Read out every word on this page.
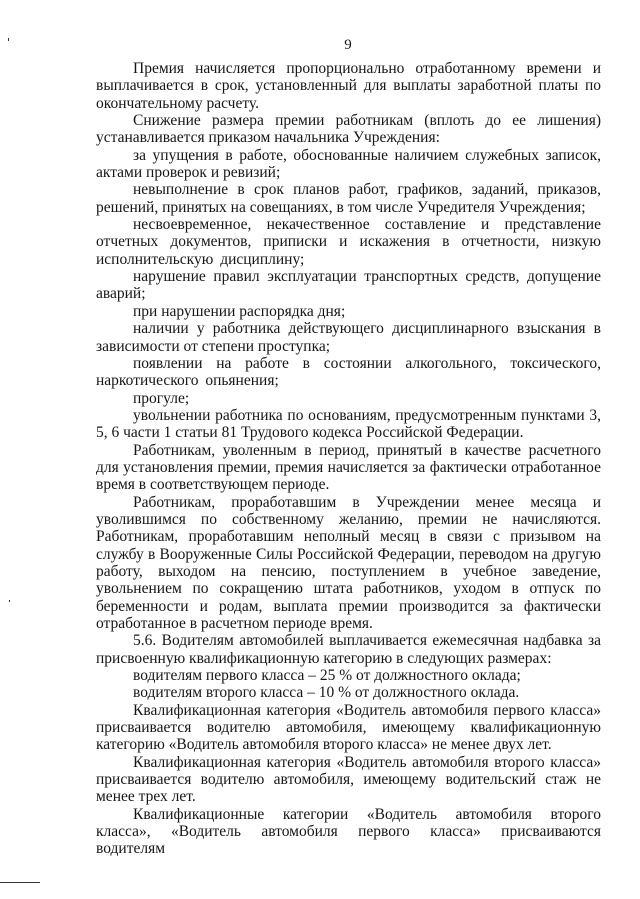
9

Премия начисляется пропорционально отработанному времени и выплачивается в срок, установленный для выплаты заработной платы по окончательному расчету.

Снижение размера премии работникам (вплоть до ее лишения) устанавливается приказом начальника Учреждения:

за упущения в работе, обоснованные наличием служебных записок, актами проверок и ревизий;

невыполнение в срок планов работ, графиков, заданий, приказов, решений, принятых на совещаниях, в том числе Учредителя Учреждения;

несвоевременное, некачественное составление и представление отчетных документов, приписки и искажения в отчетности, низкую исполнительскую дисциплину;

нарушение правил эксплуатации транспортных средств, допущение аварий;

при нарушении распорядка дня;

наличии у работника действующего дисциплинарного взыскания в зависимости от степени проступка;

появлении на работе в состоянии алкогольного, токсического, наркотического опьянения;

прогуле;

увольнении работника по основаниям, предусмотренным пунктами 3, 5, 6 части 1 статьи 81 Трудового кодекса Российской Федерации.

Работникам, уволенным в период, принятый в качестве расчетного для установления премии, премия начисляется за фактически отработанное время в соответствующем периоде.

Работникам, проработавшим в Учреждении менее месяца и уволившимся по собственному желанию, премии не начисляются. Работникам, проработавшим неполный месяц в связи с призывом на службу в Вооруженные Силы Российской Федерации, переводом на другую работу, выходом на пенсию, поступлением в учебное заведение, увольнением по сокращению штата работников, уходом в отпуск по беременности и родам, выплата премии производится за фактически отработанное в расчетном периоде время.

5.6. Водителям автомобилей выплачивается ежемесячная надбавка за присвоенную квалификационную категорию в следующих размерах:

водителям первого класса – 25 % от должностного оклада;

водителям второго класса – 10 % от должностного оклада.

Квалификационная категория «Водитель автомобиля первого класса» присваивается водителю автомобиля, имеющему квалификационную категорию «Водитель автомобиля второго класса» не менее двух лет.

Квалификационная категория «Водитель автомобиля второго класса» присваивается водителю автомобиля, имеющему водительский стаж не менее трех лет.

Квалификационные категории «Водитель автомобиля второго класса», «Водитель автомобиля первого класса» присваиваются водителям
